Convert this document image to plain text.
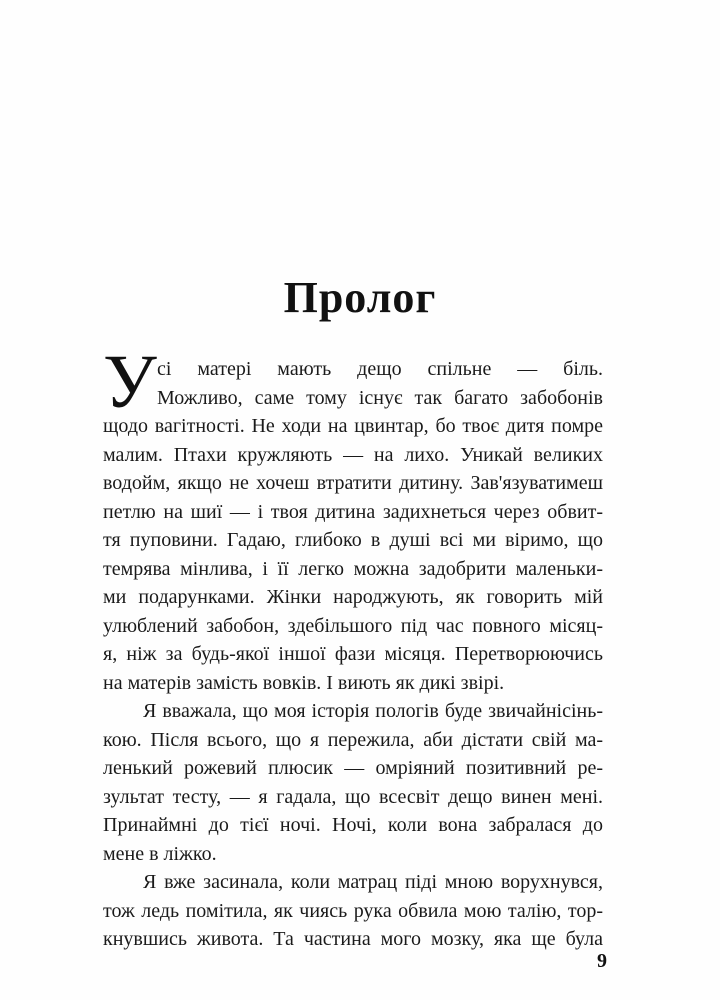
Пролог
У сі матері мають дещо спільне — біль.
Можливо, саме тому існує так багато забобонів
щодо вагітності. Не ходи на цвинтар, бо твоє дитя помре
малим. Птахи кружляють — на лихо. Уникай великих
водойм, якщо не хочеш втратити дитину. Зав'язуватимеш
петлю на шиї — і твоя дитина задихнеться через обвит-
тя пуповини. Гадаю, глибоко в душі всі ми віримо, що
темрява мінлива, і її легко можна задобрити маленьки-
ми подарунками. Жінки народжують, як говорить мій
улюблений забобон, здебільшого під час повного місяц-
я, ніж за будь-якої іншої фази місяця. Перетворюючись
на матерів замість вовків. І виють як дикі звірі.
Я вважала, що моя історія пологів буде звичайнісінь-
кою. Після всього, що я пережила, аби дістати свій ма-
ленький рожевий плюсик — омріяний позитивний ре-
зультат тесту, — я гадала, що всесвіт дещо винен мені.
Принаймні до тієї ночі. Ночі, коли вона забралася до
мене в ліжко.
Я вже засинала, коли матрац піді мною ворухнувся,
тож ледь помітила, як чиясь рука обвила мою талію, тор-
кнувшись живота. Та частина мого мозку, яка ще була
9
